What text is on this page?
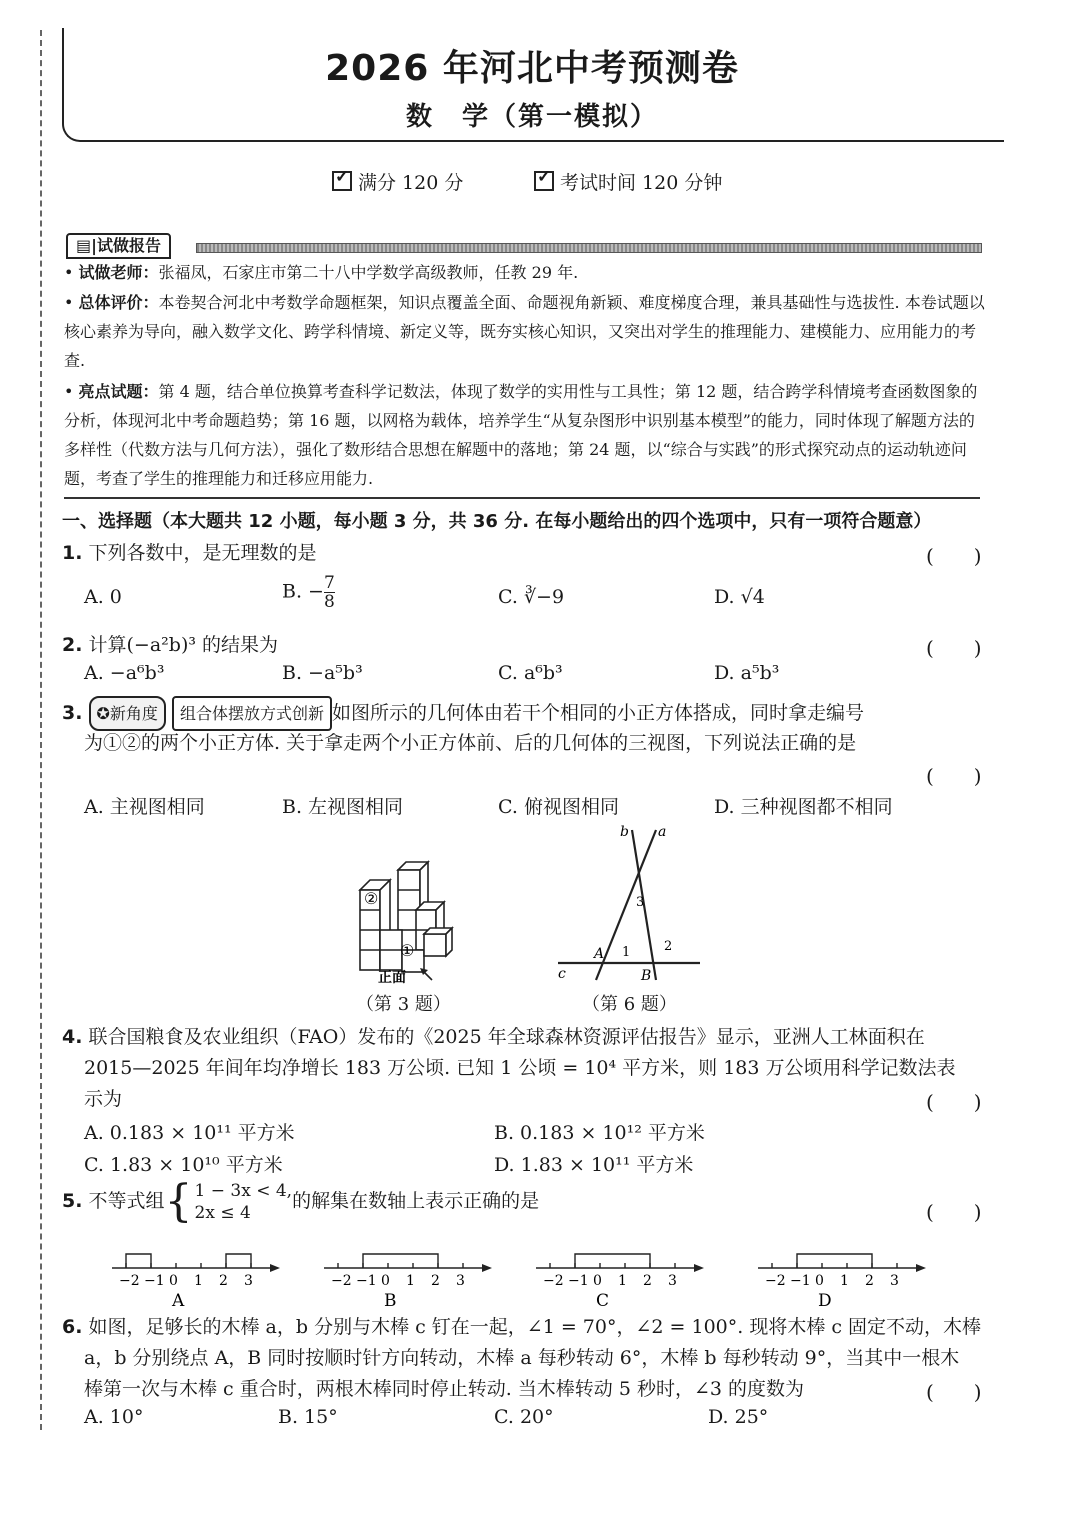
2026 年河北中考预测卷
数　学（第一模拟）
✓满分 120 分
✓	考试时间 120 分钟
▤|试做报告
• 试做老师：张福凤，石家庄市第二十八中学数学高级教师，任教 29 年.
• 总体评价：本卷契合河北中考数学命题框架，知识点覆盖全面、命题视角新颖、难度梯度合理，兼具基础性与选拔性. 本卷试题以核心素养为导向，融入数学文化、跨学科情境、新定义等，既夯实核心知识，又突出对学生的推理能力、建模能力、应用能力的考查.
• 亮点试题：第 4 题，结合单位换算考查科学记数法，体现了数学的实用性与工具性；第 12 题，结合跨学科情境考查函数图象的分析，体现河北中考命题趋势；第 16 题，以网格为载体，培养学生“从复杂图形中识别基本模型”的能力，同时体现了解题方法的多样性（代数方法与几何方法），强化了数形结合思想在解题中的落地；第 24 题，以“综合与实践”的形式探究动点的运动轨迹问题，考查了学生的推理能力和迁移应用能力.
一、选择题（本大题共 12 小题，每小题 3 分，共 36 分. 在每小题给出的四个选项中，只有一项符合题意）
1. 下列各数中，是无理数的是	(　　)
A. 0	B. − $\frac{7}{8}$	C. ∛−9	D. √4
2. 计算(−a²b)³ 的结果为	(　　)
A. −a⁶b³	B. −a⁵b³	C. a⁶b³	D. a⁵b³
3. ✪新角度 组合体摆放方式创新 如图所示的几何体由若干个相同的小正方体搭成，同时拿走编号
为①②的两个小正方体. 关于拿走两个小正方体前、后的几何体的三视图，下列说法正确的是
(　　)
A. 主视图相同	B. 左视图相同	C. 俯视图相同	D. 三种视图都不相同
②
①
正面
（第 3 题）
a
b
c
A
B
1	2
3
（第 6 题）
4. 联合国粮食及农业组织（FAO）发布的《2025 年全球森林资源评估报告》显示，亚洲人工林面积在
2015—2025 年间年均净增长 183 万公顷. 已知 1 公顷 = 10⁴ 平方米，则 183 万公顷用科学记数法表
示为	(　　)
A. 0.183 × 10¹¹ 平方米	B. 0.183 × 10¹² 平方米
C. 1.83 × 10¹⁰ 平方米	D. 1.83 × 10¹¹ 平方米
5. 不等式组{ 1 − 3x < 4,
2x ≤ 4
的解集在数轴上表示正确的是	(　　)
−2 −1 0 1 2 3
A
−2 −1 0 1 2 3
B
−2 −1 0 1 2 3
C
−2 −1 0 1 2 3
D
6. 如图，足够长的木棒 a，b 分别与木棒 c 钉在一起，∠1 = 70°，∠2 = 100°. 现将木棒 c 固定不动，木棒
a，b 分别绕点 A，B 同时按顺时针方向转动，木棒 a 每秒转动 6°，木棒 b 每秒转动 9°，当其中一根木
棒第一次与木棒 c 重合时，两根木棒同时停止转动. 当木棒转动 5 秒时，∠3 的度数为	(　　)
A. 10°	B. 15°	C. 20°	D. 25°
